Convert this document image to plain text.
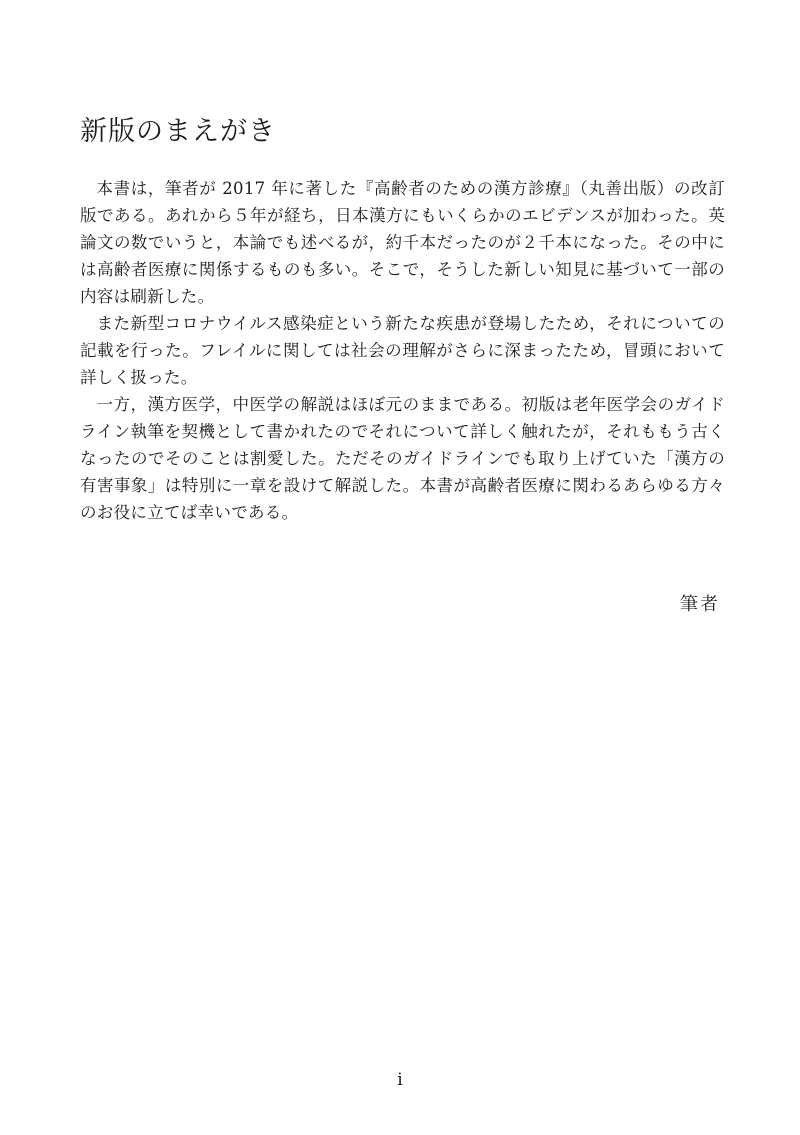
新版のまえがき

本書は，筆者が 2017 年に著した『高齢者のための漢方診療』（丸善出版）の改訂版である。あれから５年が経ち，日本漢方にもいくらかのエビデンスが加わった。英論文の数でいうと，本論でも述べるが，約千本だったのが２千本になった。その中には高齢者医療に関係するものも多い。そこで，そうした新しい知見に基づいて一部の内容は刷新した。

また新型コロナウイルス感染症という新たな疾患が登場したため，それについての記載を行った。フレイルに関しては社会の理解がさらに深まったため，冒頭において詳しく扱った。

一方，漢方医学，中医学の解説はほぼ元のままである。初版は老年医学会のガイドライン執筆を契機として書かれたのでそれについて詳しく触れたが，それももう古くなったのでそのことは割愛した。ただそのガイドラインでも取り上げていた「漢方の有害事象」は特別に一章を設けて解説した。本書が高齢者医療に関わるあらゆる方々のお役に立てば幸いである。

筆者
i
